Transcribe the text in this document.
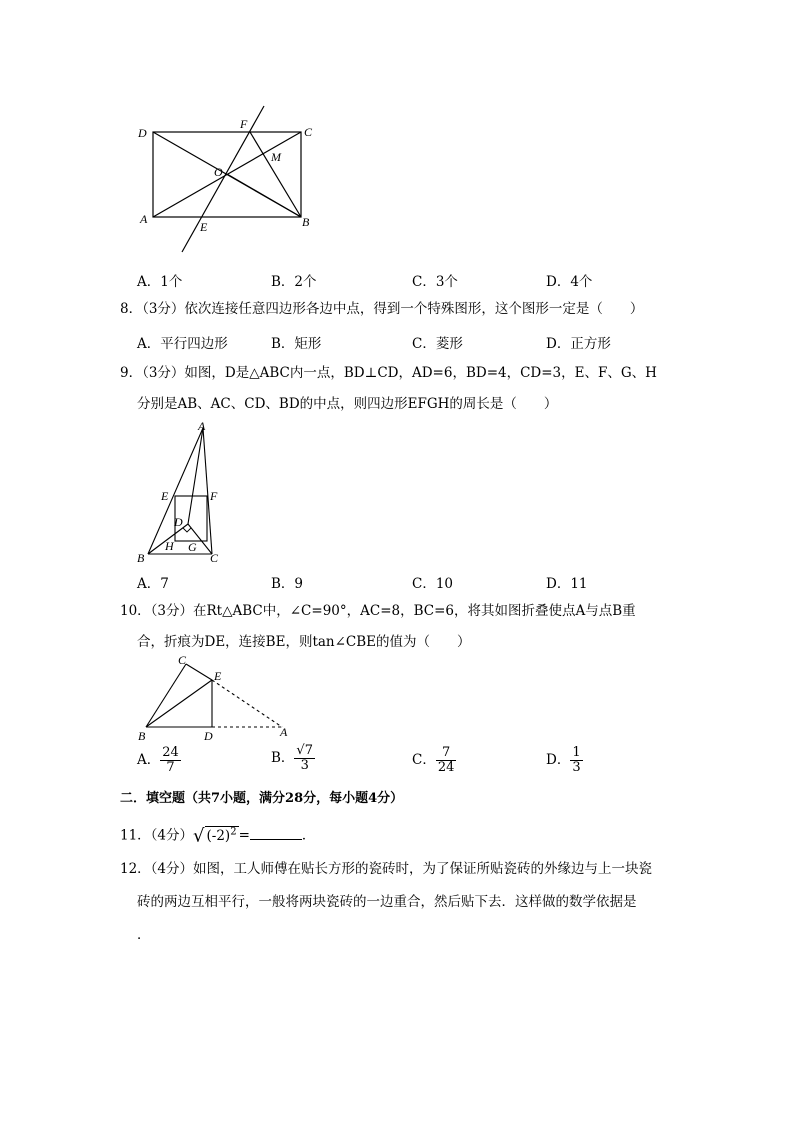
D
F
C
M
O
A
E	B
A．1个	B．2个	C．3个	D．4个
8．（3分）依次连接任意四边形各边中点，得到一个特殊图形，这个图形一定是（　　）
A．平行四边形	B．矩形	C．菱形	D．正方形
9．（3分）如图，D是△ABC内一点，BD⊥CD，AD=6，BD=4，CD=3，E、F、G、H
分别是AB、AC、CD、BD的中点，则四边形EFGH的周长是（　　）
A
E	F
D
H G
B	C
A．7	B．9	C．10	D．11
10．（3分）在Rt△ABC中，∠C=90°，AC=8，BC=6，将其如图折叠使点A与点B重
合，折痕为DE，连接BE，则tan∠CBE的值为（　　）
C
E
B	D	A
A． $\frac{24}{7}$	B． $\frac{√7}{3}$	C． $\frac{7}{24}$	D． $\frac{1}{3}$
二．填空题（共7小题，满分28分，每小题4分）
11．（4分）√ $(-2)^2$ =	．
12．（4分）如图，工人师傅在贴长方形的瓷砖时，为了保证所贴瓷砖的外缘边与上一块瓷
砖的两边互相平行，一般将两块瓷砖的一边重合，然后贴下去．这样做的数学依据是
．
